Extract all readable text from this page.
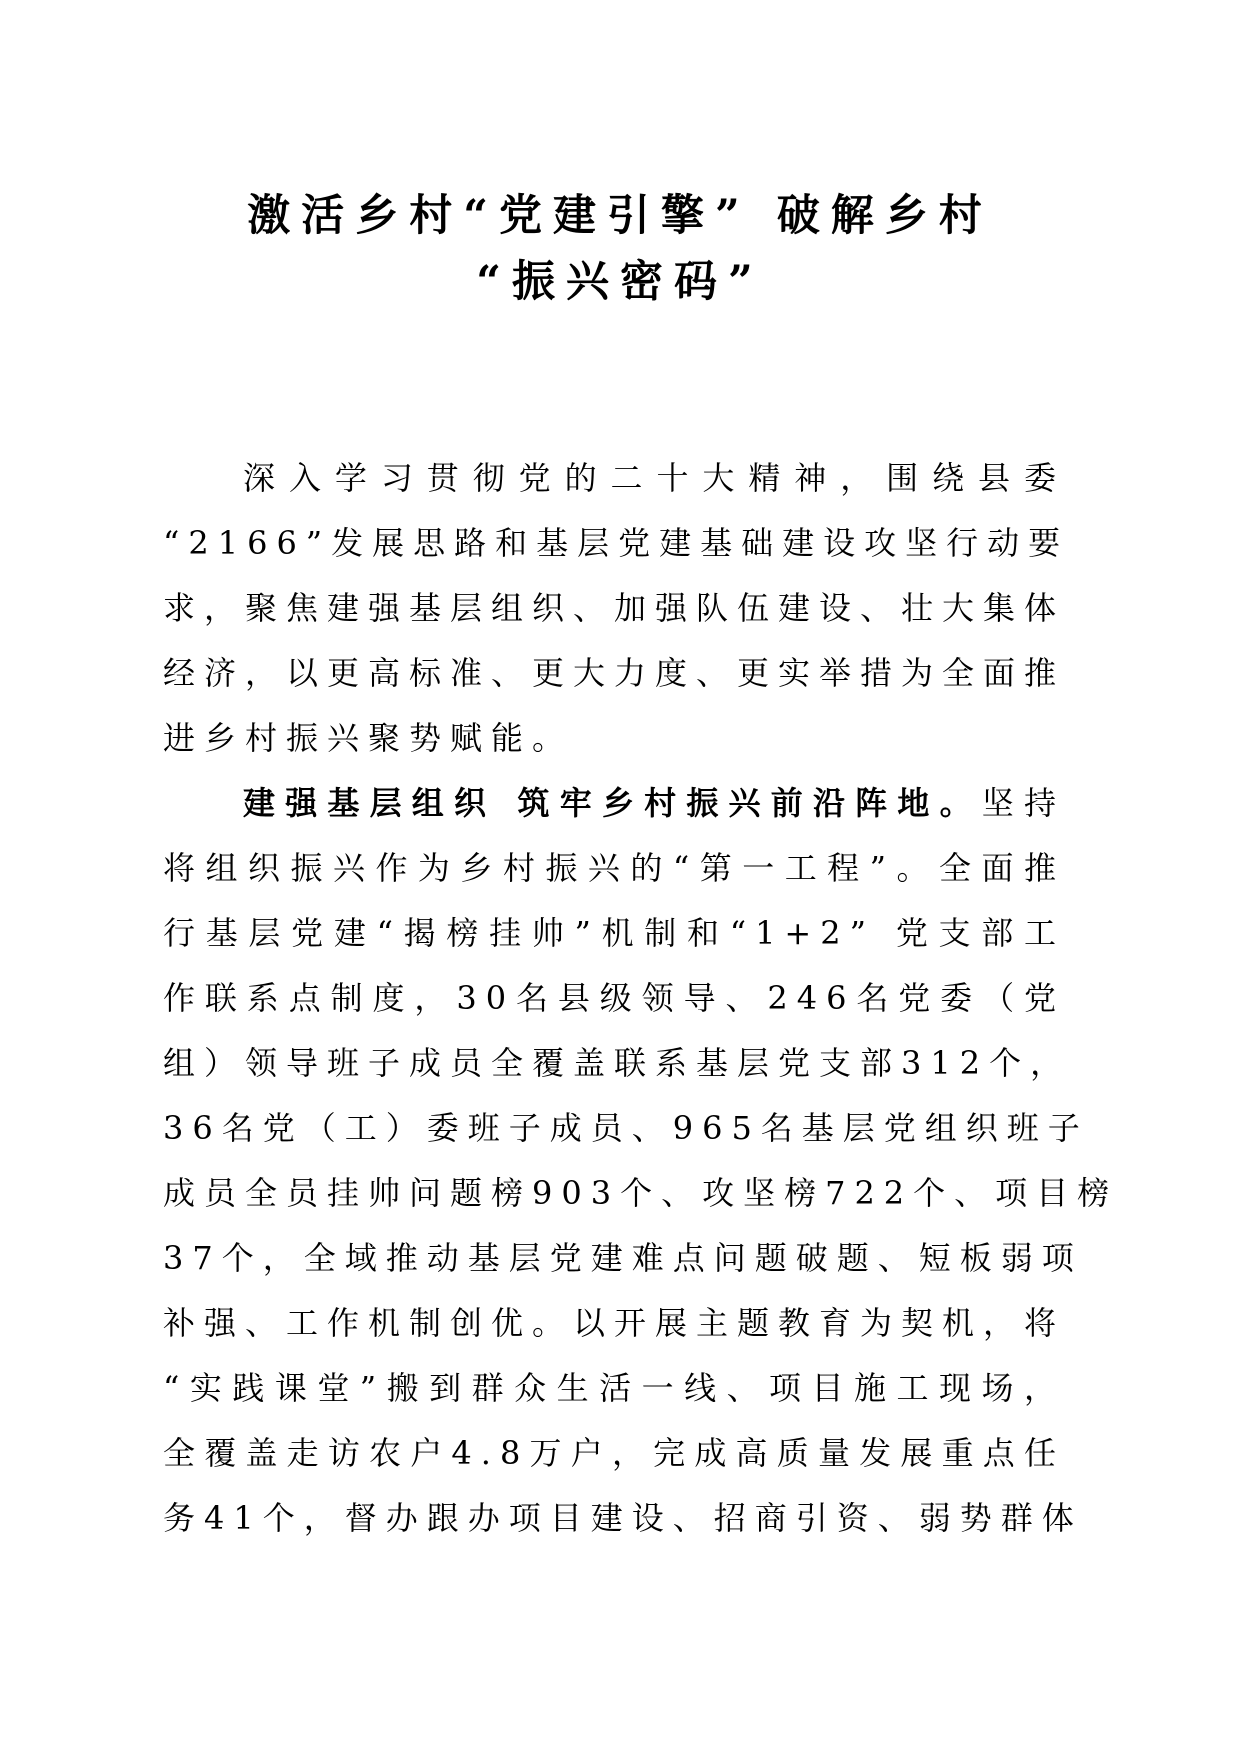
激活乡村“党建引擎” 破解乡村
“振兴密码”
深入学习贯彻党的二十大精神，围绕县委
“2166”发展思路和基层党建基础建设攻坚行动要
求，聚焦建强基层组织、加强队伍建设、壮大集体
经济，以更高标准、更大力度、更实举措为全面推
进乡村振兴聚势赋能。
建强基层组织 筑牢乡村振兴前沿阵地。坚持
将组织振兴作为乡村振兴的“第一工程”。全面推
行基层党建“揭榜挂帅”机制和“1+2” 党支部工
作联系点制度，30名县级领导、246名党委（党
组）领导班子成员全覆盖联系基层党支部312个，
36名党（工）委班子成员、965名基层党组织班子
成员全员挂帅问题榜903个、攻坚榜722个、项目榜
37个，全域推动基层党建难点问题破题、短板弱项
补强、工作机制创优。以开展主题教育为契机，将
“实践课堂”搬到群众生活一线、项目施工现场，
全覆盖走访农户4.8万户，完成高质量发展重点任
务41个，督办跟办项目建设、招商引资、弱势群体
